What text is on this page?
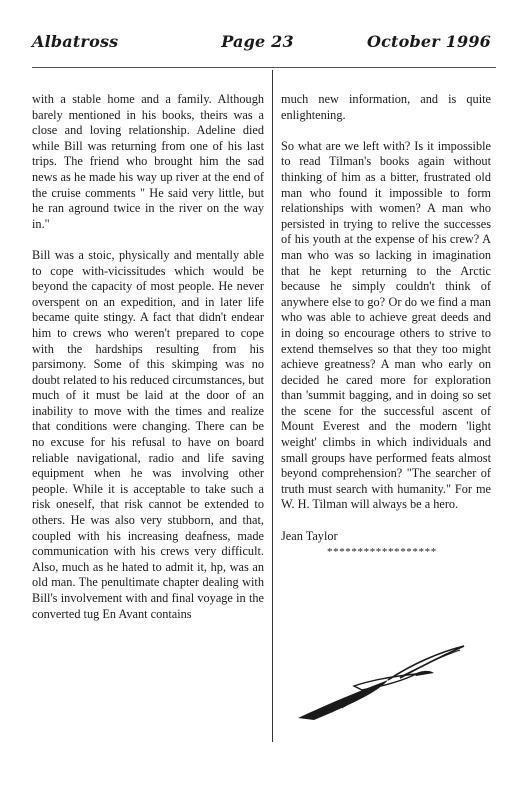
Albatross	Page 23	October 1996

with a stable home and a family. Although barely mentioned in his books, theirs was a close and loving relationship. Adeline died while Bill was returning from one of his last trips. The friend who brought him the sad news as he made his way up river at the end of the cruise comments " He said very little, but he ran aground twice in the river on the way in."

Bill was a stoic, physically and mentally able to cope with-vicissitudes which would be beyond the capacity of most people. He never overspent on an expedition, and in later life became quite stingy. A fact that didn't endear him to crews who weren't prepared to cope with the hardships resulting from his parsimony. Some of this skimping was no doubt related to his reduced circumstances, but much of it must be laid at the door of an inability to move with the times and realize that conditions were changing. There can be no excuse for his refusal to have on board reliable navigational, radio and life saving equipment when he was involving other people. While it is acceptable to take such a risk oneself, that risk cannot be extended to others. He was also very stubborn, and that, coupled with his increasing deafness, made communication with his crews very difficult. Also, much as he hated to admit it, hp, was an old man. The penultimate chapter dealing with Bill's involvement with and final voyage in the converted tug En Avant contains

much new information, and is quite enlightening.

So what are we left with? Is it impossible to read Tilman's books again without thinking of him as a bitter, frustrated old man who found it impossible to form relationships with women? A man who persisted in trying to relive the successes of his youth at the expense of his crew? A man who was so lacking in imagination that he kept returning to the Arctic because he simply couldn't think of anywhere else to go? Or do we find a man who was able to achieve great deeds and in doing so encourage others to strive to extend themselves so that they too might achieve greatness? A man who early on decided he cared more for exploration than 'summit bagging, and in doing so set the scene for the successful ascent of Mount Everest and the modern 'light weight' climbs in which individuals and small groups have performed feats almost beyond comprehension? "The searcher of truth must search with humanity." For me W. H. Tilman will always be a hero.

Jean Taylor
******************
